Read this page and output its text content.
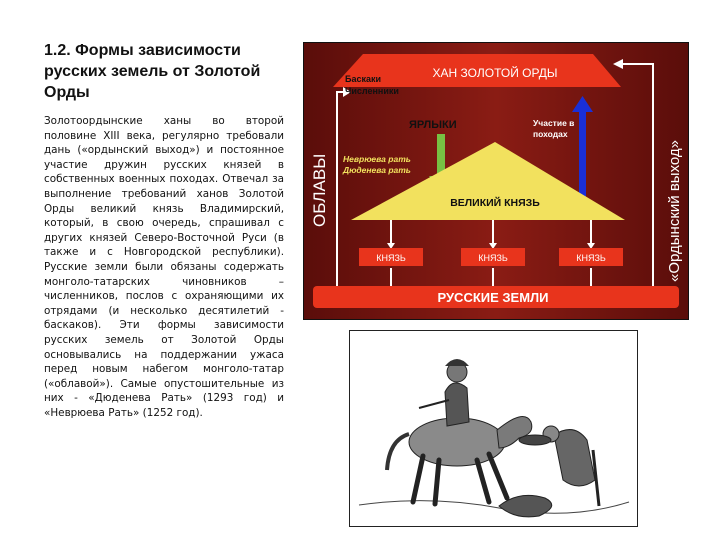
1.2. Формы зависимости русских земель от Золотой Орды
Золотоордынские ханы во второй половине XIII века, регулярно требовали дань («ордынский выход») и постоянное участие дружин русских князей в собственных военных походах. Отвечал за выполнение требований ханов Золотой Орды великий князь Владимирский, который, в свою очередь, спрашивал с других князей Северо-Восточной Руси (в также и с Новгородской республики). Русские земли были обязаны содержать монголо-татарских чиновников – численников, послов с охраняющими их отрядами (и несколько десятилетий - баскаков). Эти формы зависимости русских земель от Золотой Орды основывались на поддержании ужаса перед новым набегом монголо-татар («облавой»). Самые опустошительные из них - «Дюденева Рать» (1293 год) и «Неврюева Рать» (1252 год).
ХАН ЗОЛОТОЙ ОРДЫ
Баскаки
Численники
ОБЛАВЫ	«Ордынский выход»
ЯРЛЫКИ	Участие в
походах
Неврюева рать
Дюденева рать
ВЕЛИКИЙ КНЯЗЬ
КНЯЗЬ	КНЯЗЬ	КНЯЗЬ
РУССКИЕ ЗЕМЛИ
